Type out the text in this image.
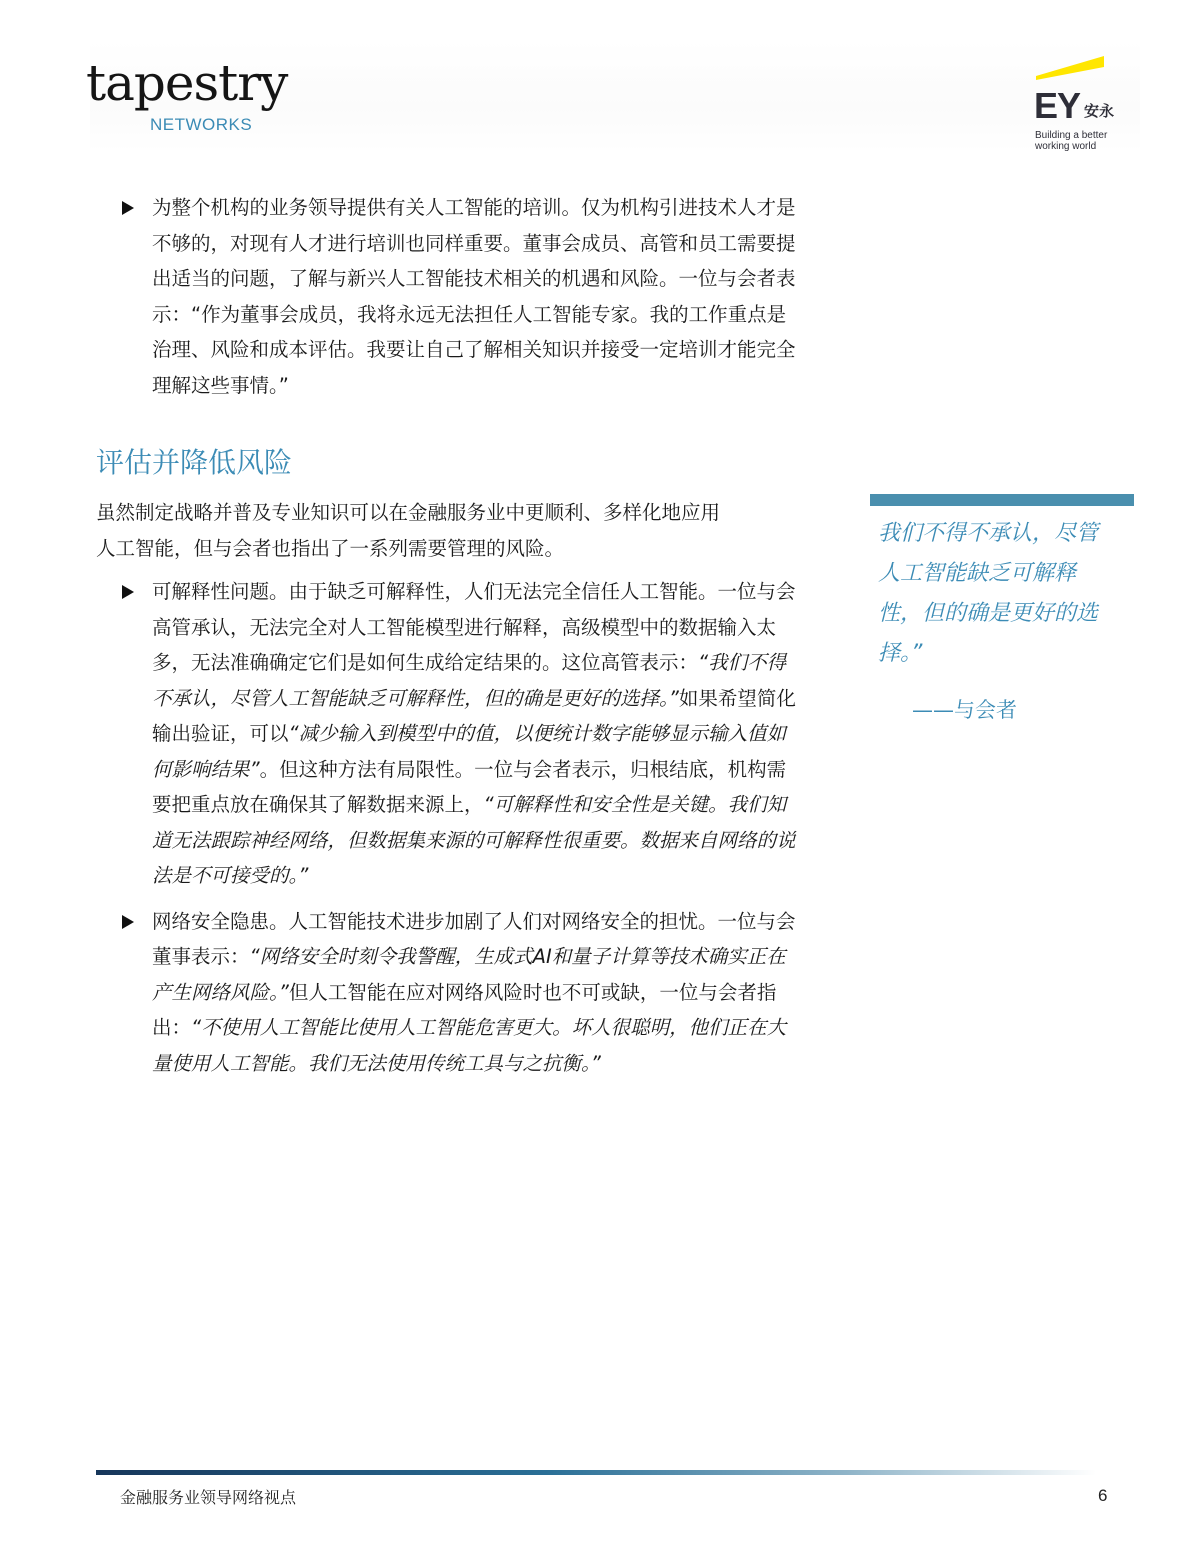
tapestry
NETWORKS	EY 安永
Building a better
working world
为整个机构的业务领导提供有关人工智能的培训。仅为机构引进技术人才是不够的，对现有人才进行培训也同样重要。董事会成员、高管和员工需要提出适当的问题，了解与新兴人工智能技术相关的机遇和风险。一位与会者表示：“作为董事会成员，我将永远无法担任人工智能专家。我的工作重点是治理、风险和成本评估。我要让自己了解相关知识并接受一定培训才能完全理解这些事情。”
评估并降低风险
虽然制定战略并普及专业知识可以在金融服务业中更顺利、多样化地应用人工智能，但与会者也指出了一系列需要管理的风险。
可解释性问题。由于缺乏可解释性，人们无法完全信任人工智能。一位与会高管承认，无法完全对人工智能模型进行解释，高级模型中的数据输入太多，无法准确确定它们是如何生成给定结果的。这位高管表示：“我们不得不承认，尽管人工智能缺乏可解释性，但的确是更好的选择。”如果希望简化输出验证，可以“减少输入到模型中的值，以便统计数字能够显示输入值如何影响结果”。但这种方法有局限性。一位与会者表示，归根结底，机构需要把重点放在确保其了解数据来源上，“可解释性和安全性是关键。我们知道无法跟踪神经网络，但数据集来源的可解释性很重要。数据来自网络的说法是不可接受的。”
网络安全隐患。人工智能技术进步加剧了人们对网络安全的担忧。一位与会董事表示：“网络安全时刻令我警醒，生成式AI和量子计算等技术确实正在产生网络风险。”但人工智能在应对网络风险时也不可或缺，一位与会者指出：“不使用人工智能比使用人工智能危害更大。坏人很聪明，他们正在大量使用人工智能。我们无法使用传统工具与之抗衡。”
我们不得不承认，尽管人工智能缺乏可解释性，但的确是更好的选择。”
——与会者
金融服务业领导网络视点	6
